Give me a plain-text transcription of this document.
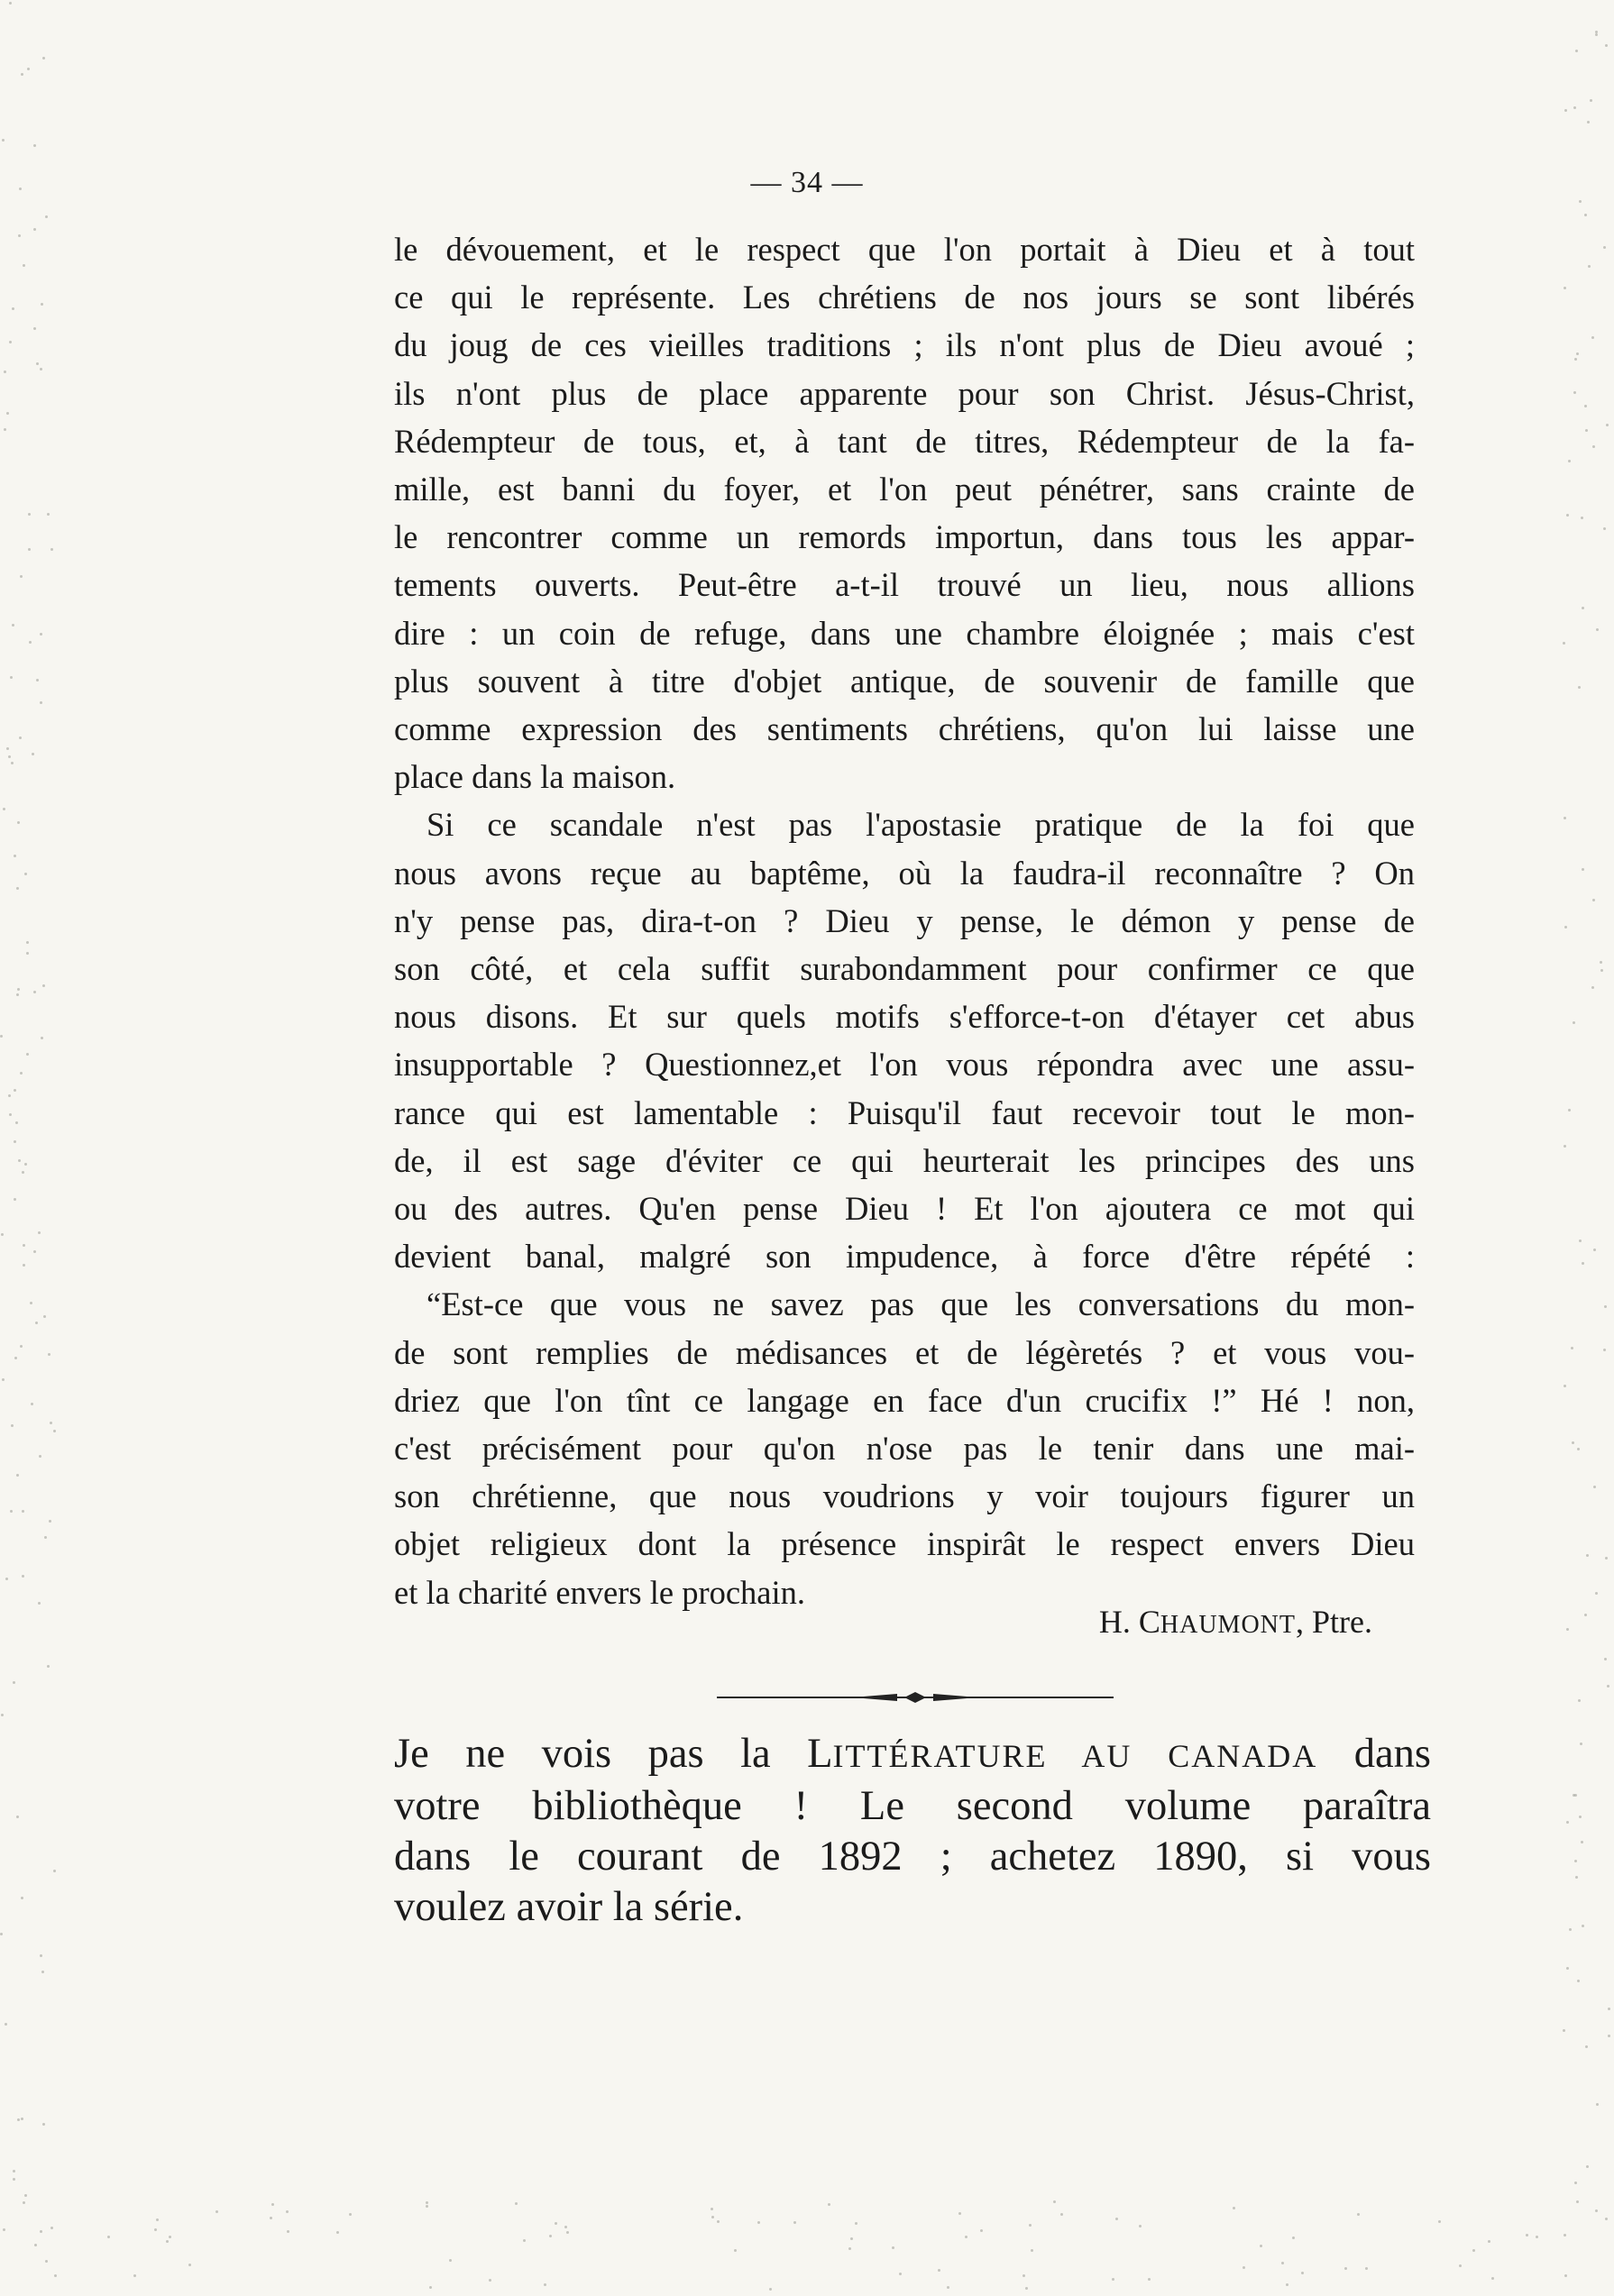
— 34 —
le dévouement, et le respect que l'on portait à Dieu et à tout
ce qui le représente. Les chrétiens de nos jours se sont libérés
du joug de ces vieilles traditions ; ils n'ont plus de Dieu avoué ;
ils n'ont plus de place apparente pour son Christ. Jésus-Christ,
Rédempteur de tous, et, à tant de titres, Rédempteur de la fa-
mille, est banni du foyer, et l'on peut pénétrer, sans crainte de
le rencontrer comme un remords importun, dans tous les appar-
tements ouverts. Peut-être a-t-il trouvé un lieu, nous allions
dire : un coin de refuge, dans une chambre éloignée ; mais c'est
plus souvent à titre d'objet antique, de souvenir de famille que
comme expression des sentiments chrétiens, qu'on lui laisse une
place dans la maison.
Si ce scandale n'est pas l'apostasie pratique de la foi que
nous avons reçue au baptême, où la faudra-il reconnaître ? On
n'y pense pas, dira-t-on ? Dieu y pense, le démon y pense de
son côté, et cela suffit surabondamment pour confirmer ce que
nous disons. Et sur quels motifs s'efforce-t-on d'étayer cet abus
insupportable ? Questionnez,et l'on vous répondra avec une assu-
rance qui est lamentable : Puisqu'il faut recevoir tout le mon-
de, il est sage d'éviter ce qui heurterait les principes des uns
ou des autres. Qu'en pense Dieu ! Et l'on ajoutera ce mot qui
devient banal, malgré son impudence, à force d'être répété :
“Est-ce que vous ne savez pas que les conversations du mon-
de sont remplies de médisances et de légèretés ? et vous vou-
driez que l'on tînt ce langage en face d'un crucifix !” Hé ! non,
c'est précisément pour qu'on n'ose pas le tenir dans une mai-
son chrétienne, que nous voudrions y voir toujours figurer un
objet religieux dont la présence inspirât le respect envers Dieu
et la charité envers le prochain.
H. CHAUMONT, Ptre.
Je ne vois pas la LITTÉRATURE AU CANADA dans
votre bibliothèque ! Le second volume paraîtra
dans le courant de 1892 ; achetez 1890, si vous
voulez avoir la série.
